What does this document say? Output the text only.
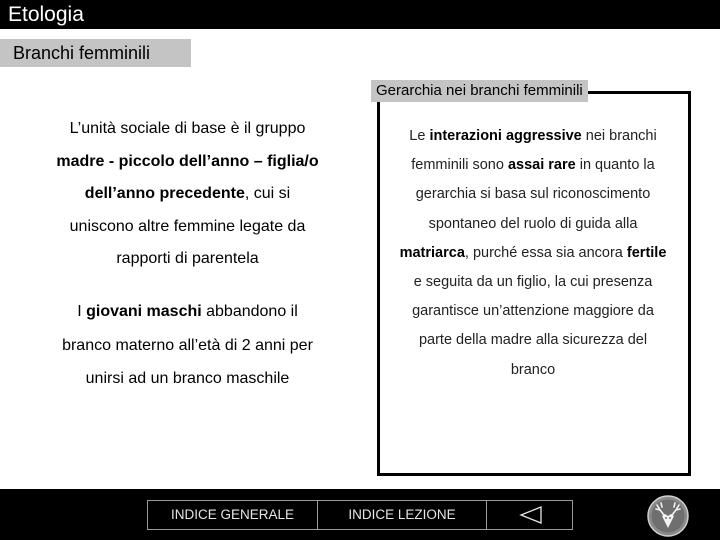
Etologia
Branchi femminili
L’unità sociale di base è il gruppo
madre - piccolo dell’anno – figlia/o
dell’anno precedente, cui si
uniscono altre femmine legate da
rapporti di parentela
I giovani maschi abbandono il
branco materno all’età di 2 anni per
unirsi ad un branco maschile
Gerarchia nei branchi femminili
Le interazioni aggressive nei branchi
femminili sono assai rare in quanto la
gerarchia si basa sul riconoscimento
spontaneo del ruolo di guida alla
matriarca, purché essa sia ancora fertile
e seguita da un figlio, la cui presenza
garantisce un’attenzione maggiore da
parte della madre alla sicurezza del
branco
INDICE GENERALE	INDICE LEZIONE
